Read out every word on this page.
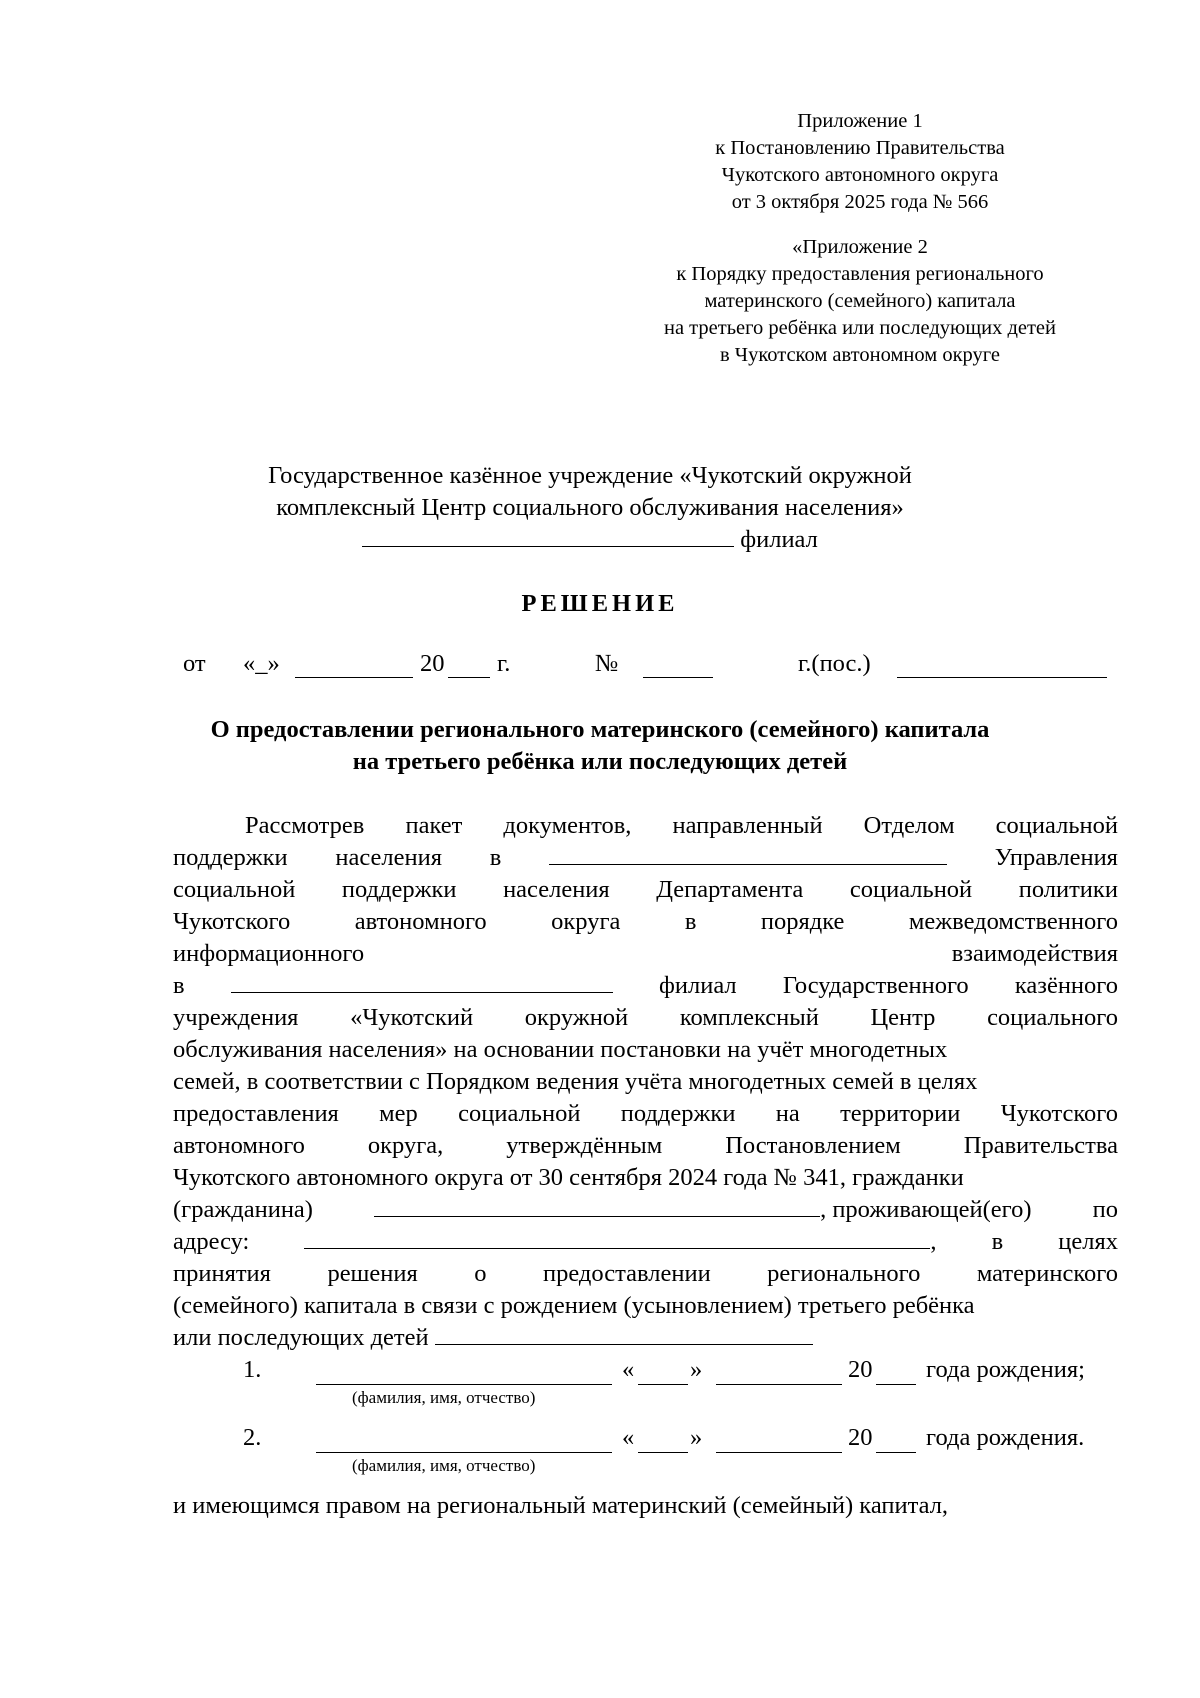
Приложение 1
к Постановлению Правительства
Чукотского автономного округа
от 3 октября 2025 года № 566
«Приложение 2
к Порядку предоставления регионального
материнского (семейного) капитала
на третьего ребёнка или последующих детей
в Чукотском автономном округе
Государственное казённое учреждение «Чукотский окружной
комплексный Центр социального обслуживания населения»
филиал
РЕШЕНИЕ
от «_»	20 г.	№	г.(пос.)
О предоставлении регионального материнского (семейного) капитала
на третьего ребёнка или последующих детей
Рассмотрев пакет документов, направленный Отделом социальной
поддержки населения в	Управления
социальной поддержки населения Департамента социальной политики
Чукотского	автономного	округа	в	порядке	межведомственного
информационного	взаимодействия
в	филиал Государственного казённого
учреждения «Чукотский окружной комплексный Центр социального
обслуживания населения» на основании постановки на учёт многодетных
семей, в соответствии с Порядком ведения учёта многодетных семей в целях
предоставления мер социальной поддержки на территории Чукотского
автономного	округа,	утверждённым	Постановлением	Правительства
Чукотского автономного округа от 30 сентября 2024 года № 341, гражданки
(гражданина)	, проживающей(его) по
адресу:	, в целях
принятия решения о предоставлении регионального материнского
(семейного) капитала в связи с рождением (усыновлением) третьего ребёнка
или последующих детей
1.	« »	20 года рождения;
(фамилия, имя, отчество)
2.	« »	20 года рождения.
(фамилия, имя, отчество)
и имеющимся правом на региональный материнский (семейный) капитал,
